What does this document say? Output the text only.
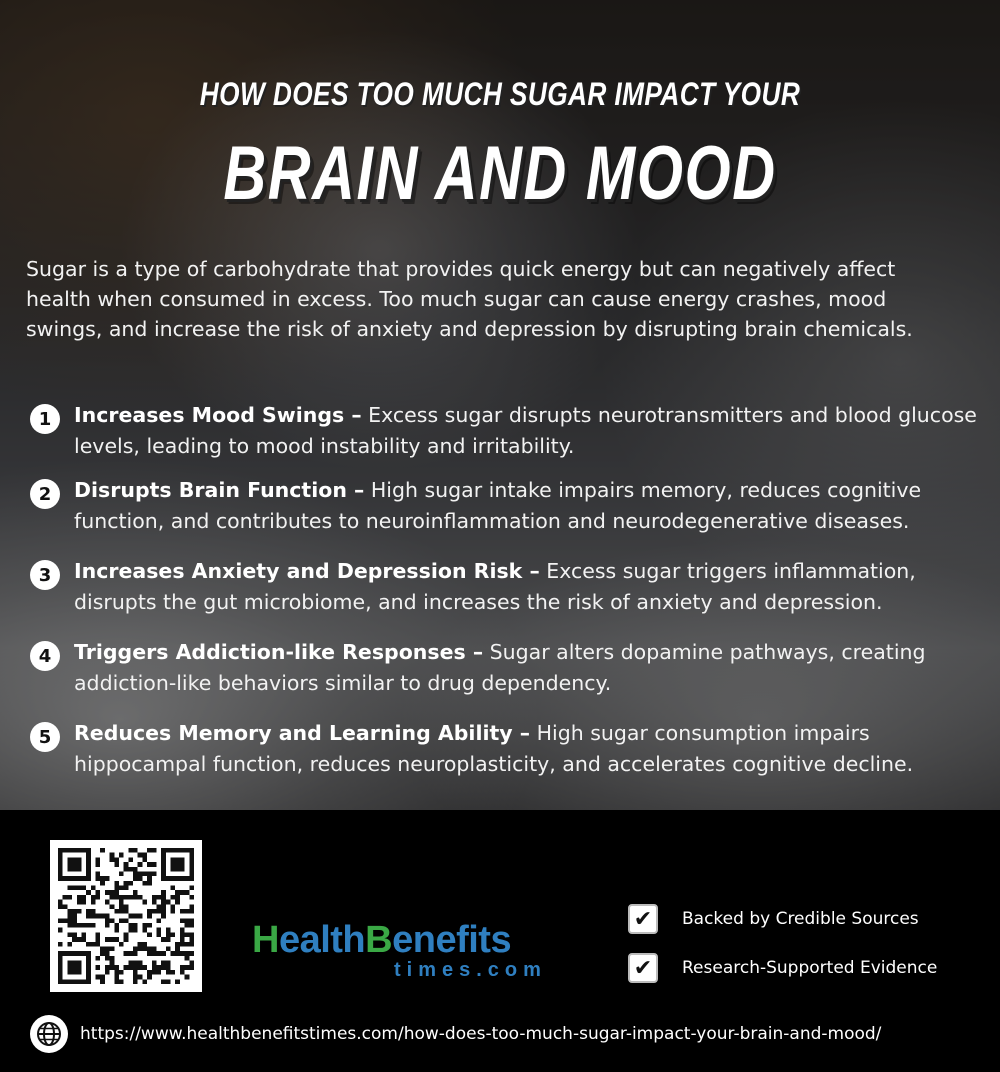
HOW DOES TOO MUCH SUGAR IMPACT YOUR
BRAIN AND MOOD

Sugar is a type of carbohydrate that provides quick energy but can negatively affect health when consumed in excess. Too much sugar can cause energy crashes, mood swings, and increase the risk of anxiety and depression by disrupting brain chemicals.

1	Increases Mood Swings – Excess sugar disrupts neurotransmitters and blood glucose levels, leading to mood instability and irritability.
2	Disrupts Brain Function – High sugar intake impairs memory, reduces cognitive function, and contributes to neuroinflammation and neurodegenerative diseases.
3	Increases Anxiety and Depression Risk – Excess sugar triggers inflammation, disrupts the gut microbiome, and increases the risk of anxiety and depression.
4	Triggers Addiction-like Responses – Sugar alters dopamine pathways, creating addiction-like behaviors similar to drug dependency.
5	Reduces Memory and Learning Ability – High sugar consumption impairs hippocampal function, reduces neuroplasticity, and accelerates cognitive decline.
HealthBenefits
times.com
✔	Backed by Credible Sources
✔	Research-Supported Evidence
https://www.healthbenefitstimes.com/how-does-too-much-sugar-impact-your-brain-and-mood/
